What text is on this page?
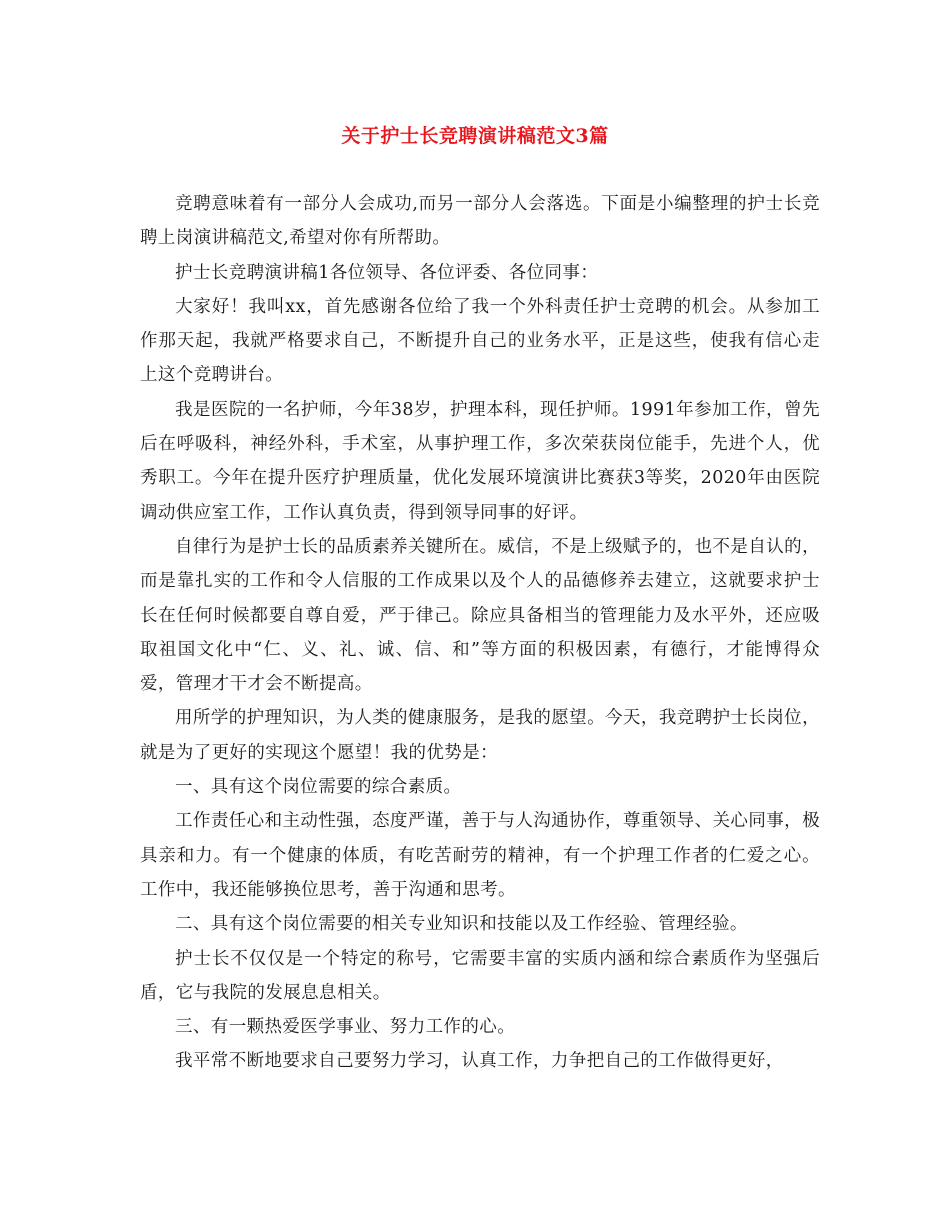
关于护士长竞聘演讲稿范文3篇

竞聘意味着有一部分人会成功,而另一部分人会落选。下面是小编整理的护士长竞聘上岗演讲稿范文,希望对你有所帮助。

护士长竞聘演讲稿1各位领导、各位评委、各位同事：

大家好！我叫xx，首先感谢各位给了我一个外科责任护士竞聘的机会。从参加工作那天起，我就严格要求自己，不断提升自己的业务水平，正是这些，使我有信心走上这个竞聘讲台。

我是医院的一名护师，今年38岁，护理本科，现任护师。1991年参加工作，曾先后在呼吸科，神经外科，手术室，从事护理工作，多次荣获岗位能手，先进个人，优秀职工。今年在提升医疗护理质量，优化发展环境演讲比赛获3等奖，2020年由医院调动供应室工作，工作认真负责，得到领导同事的好评。

自律行为是护士长的品质素养关键所在。威信，不是上级赋予的，也不是自认的，而是靠扎实的工作和令人信服的工作成果以及个人的品德修养去建立，这就要求护士长在任何时候都要自尊自爱，严于律己。除应具备相当的管理能力及水平外，还应吸取祖国文化中“仁、义、礼、诚、信、和”等方面的积极因素，有德行，才能博得众爱，管理才干才会不断提高。

用所学的护理知识，为人类的健康服务，是我的愿望。今天，我竞聘护士长岗位，就是为了更好的实现这个愿望！我的优势是：

一、具有这个岗位需要的综合素质。

工作责任心和主动性强，态度严谨，善于与人沟通协作，尊重领导、关心同事，极具亲和力。有一个健康的体质，有吃苦耐劳的精神，有一个护理工作者的仁爱之心。工作中，我还能够换位思考，善于沟通和思考。

二、具有这个岗位需要的相关专业知识和技能以及工作经验、管理经验。

护士长不仅仅是一个特定的称号，它需要丰富的实质内涵和综合素质作为坚强后盾，它与我院的发展息息相关。

三、有一颗热爱医学事业、努力工作的心。

我平常不断地要求自己要努力学习，认真工作，力争把自己的工作做得更好，
